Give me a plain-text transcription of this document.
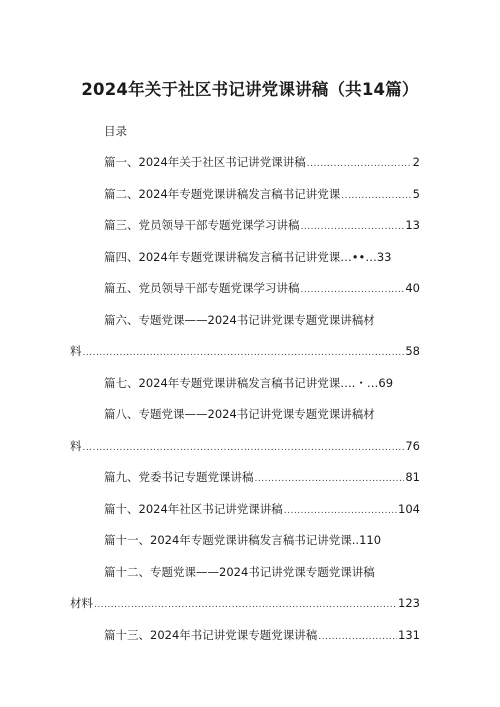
2024年关于社区书记讲党课讲稿（共14篇）
目录
篇一、2024年关于社区书记讲党课讲稿 .....	2
篇二、2024年专题党课讲稿发言稿书记讲党课 .....	5
篇三、党员领导干部专题党课学习讲稿 .....	13
篇四、2024年专题党课讲稿发言稿书记讲党课 …••…33
篇五、党员领导干部专题党课学习讲稿 .....	40
篇六、专题党课——2024书记讲党课专题党课讲稿材
料 .....	58
篇七、2024年专题党课讲稿发言稿书记讲党课 ….・…69
篇八、专题党课——2024书记讲党课专题党课讲稿材
料 .....	76
篇九、党委书记专题党课讲稿 .....	81
篇十、2024年社区书记讲党课讲稿 .....	104
篇十一、2024年专题党课讲稿发言稿书记讲党课 ..110
篇十二、专题党课——2024书记讲党课专题党课讲稿
材料 .....	123
篇十三、2024年书记讲党课专题党课讲稿 .....	131
